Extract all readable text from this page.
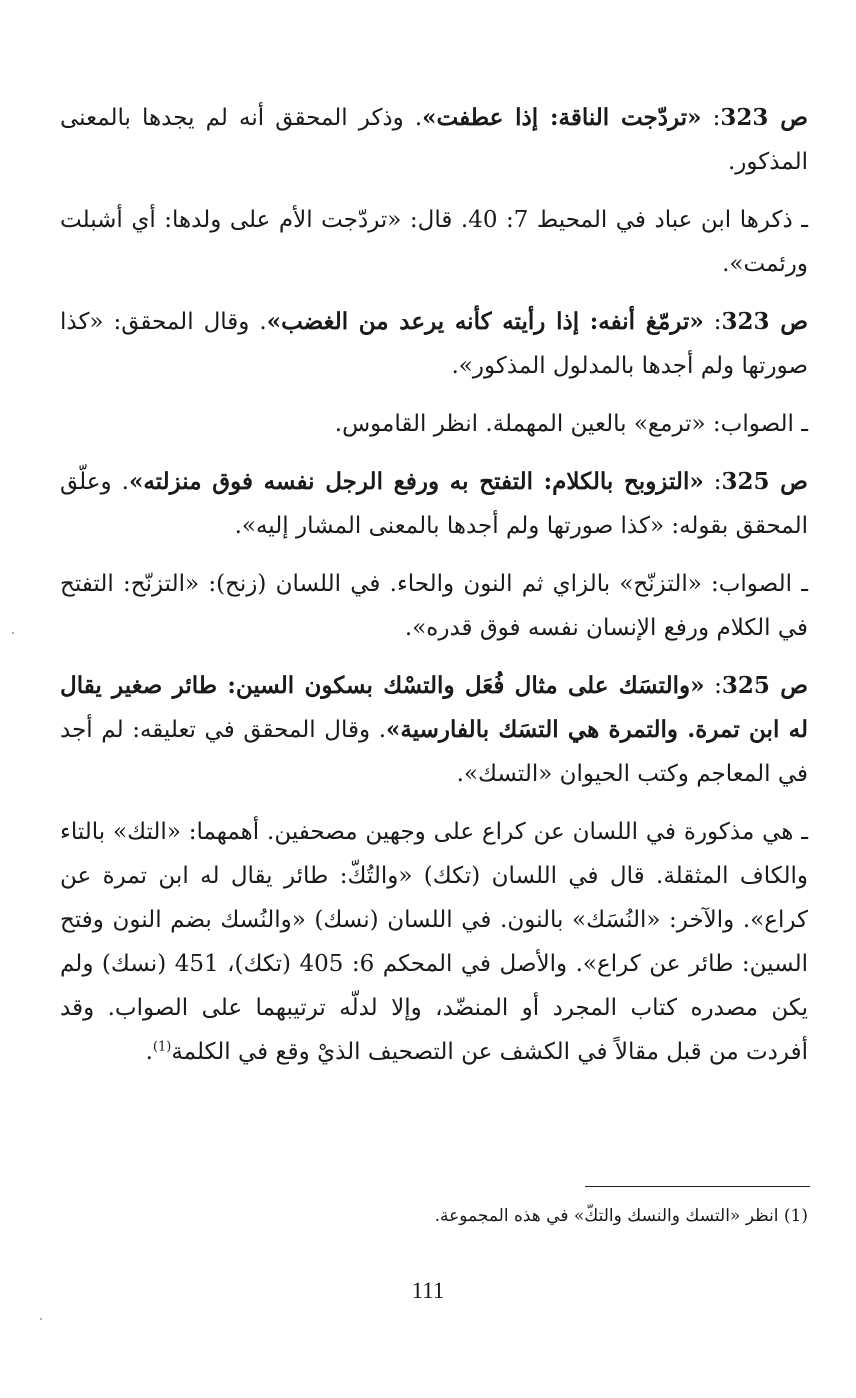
ص 323: «تردّجت الناقة: إذا عطفت». وذكر المحقق أنه لم يجدها بالمعنى المذكور.

ـ ذكرها ابن عباد في المحيط 7: 40. قال: «تردّجت الأم على ولدها: أي أشبلت ورئمت».

ص 323: «ترمّغ أنفه: إذا رأيته كأنه يرعد من الغضب». وقال المحقق: «كذا صورتها ولم أجدها بالمدلول المذكور».

ـ الصواب: «ترمع» بالعين المهملة. انظر القاموس.

ص 325: «التزوبح بالكلام: التفتح به ورفع الرجل نفسه فوق منزلته». وعلّق المحقق بقوله: «كذا صورتها ولم أجدها بالمعنى المشار إليه».

ـ الصواب: «التزنّح» بالزاي ثم النون والحاء. في اللسان (زنح): «التزنّح: التفتح في الكلام ورفع الإنسان نفسه فوق قدره».

ص 325: «والتسَك على مثال فُعَل والتسْك بسكون السين: طائر صغير يقال له ابن تمرة. والتمرة هي التسَك بالفارسية». وقال المحقق في تعليقه: لم أجد في المعاجم وكتب الحيوان «التسك».

ـ هي مذكورة في اللسان عن كراع على وجهين مصحفين. أهمهما: «التك» بالتاء والكاف المثقلة. قال في اللسان (تكك) «والتُكّ: طائر يقال له ابن تمرة عن كراع». والآخر: «النُسَك» بالنون. في اللسان (نسك) «والنُسك بضم النون وفتح السين: طائر عن كراع». والأصل في المحكم 6: 405 (تكك)، 451 (نسك) ولم يكن مصدره كتاب المجرد أو المنضّد، وإلا لدلّه ترتيبهما على الصواب. وقد أفردت من قبل مقالاً في الكشف عن التصحيف الذيْ وقع في الكلمة$^{(1)}$.

(1) انظر «التسك والنسك والتكّ» في هذه المجموعة.
111
